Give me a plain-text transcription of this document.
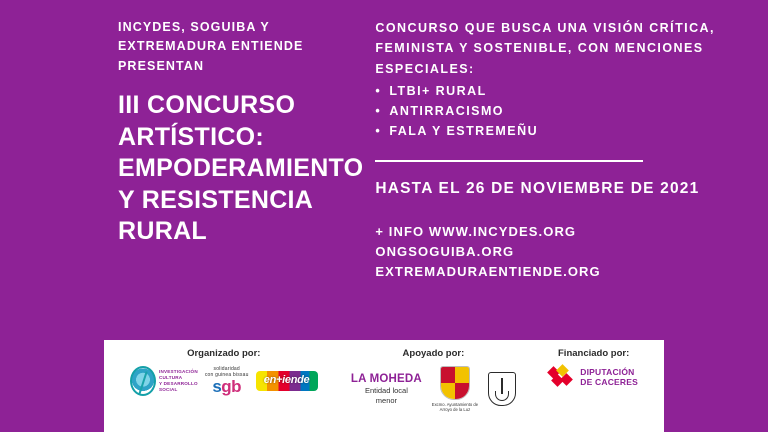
INCYDES, SOGUIBA Y EXTREMADURA ENTIENDE PRESENTAN
III CONCURSO ARTÍSTICO: EMPODERAMIENTO Y RESISTENCIA RURAL
CONCURSO QUE BUSCA UNA VISIÓN CRÍTICA, FEMINISTA Y SOSTENIBLE, CON MENCIONES ESPECIALES:
• LTBI+ RURAL
• ANTIRRACISMO
• FALA Y ESTREMEÑU
HASTA EL 26 DE NOVIEMBRE DE 2021
+ INFO WWW.INCYDES.ORG
ONGSOGUIBA.ORG
EXTREMADURAENTIENDE.ORG
Organizado por:
INVESTIGACIÓN
CULTURA
Y DESARROLLO
SOCIAL
solidaridad
con guinea bissau
sgb en+iende
Apoyado por:
LA MOHEDA
Entidad local
menor	Excmo. Ayuntamiento de Arroyo de la Luz
Financiado por:
DIPUTACIÓN
DE CACERES
